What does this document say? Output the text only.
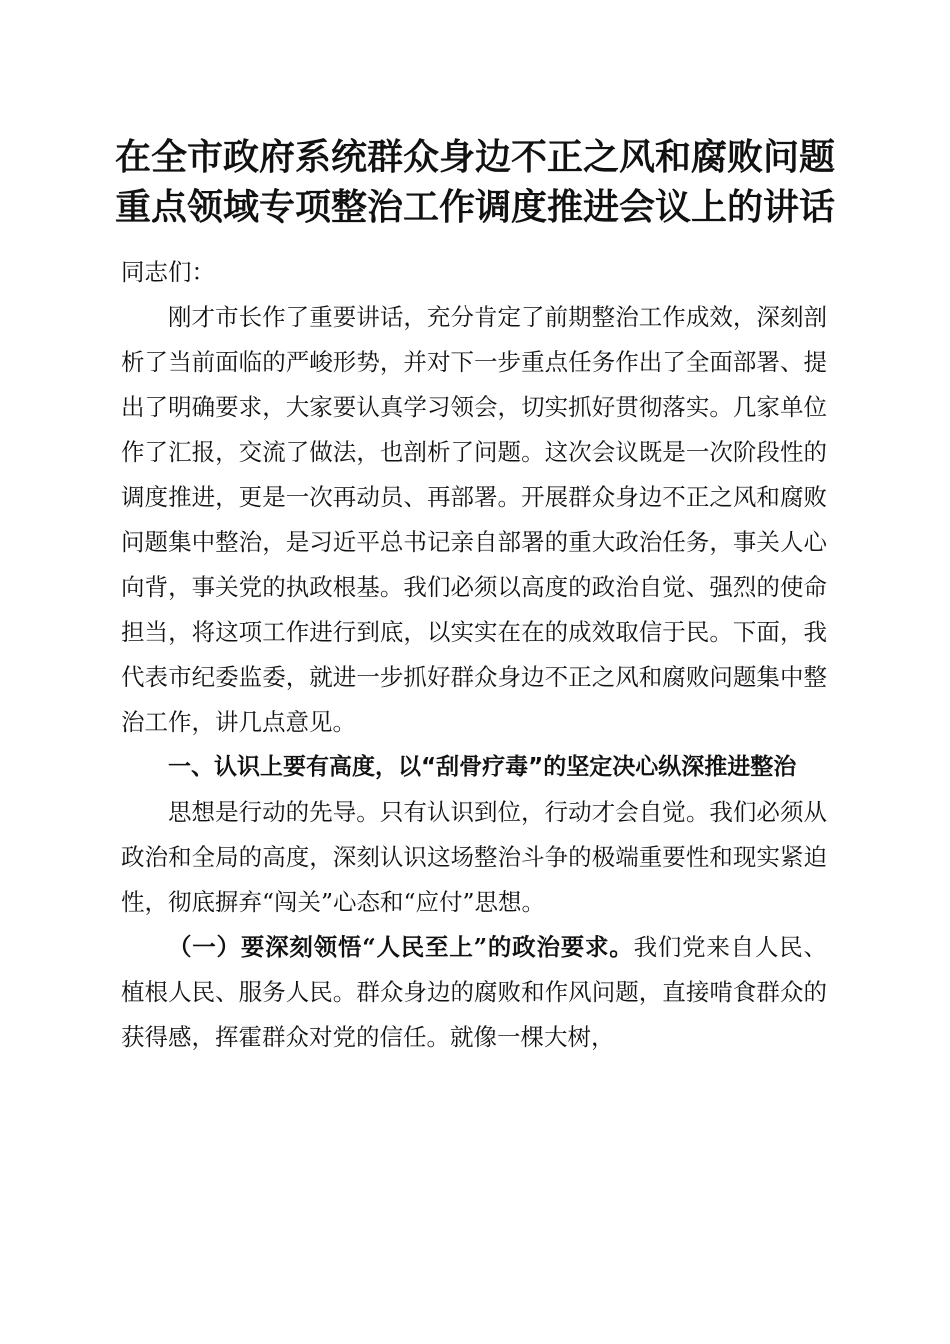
在全市政府系统群众身边不正之风和腐败问题
重点领域专项整治工作调度推进会议上的讲话

同志们：

刚才市长作了重要讲话，充分肯定了前期整治工作成效，深刻剖析了当前面临的严峻形势，并对下一步重点任务作出了全面部署、提出了明确要求，大家要认真学习领会，切实抓好贯彻落实。几家单位作了汇报，交流了做法，也剖析了问题。这次会议既是一次阶段性的调度推进，更是一次再动员、再部署。开展群众身边不正之风和腐败问题集中整治，是习近平总书记亲自部署的重大政治任务，事关人心向背，事关党的执政根基。我们必须以高度的政治自觉、强烈的使命担当，将这项工作进行到底，以实实在在的成效取信于民。下面，我代表市纪委监委，就进一步抓好群众身边不正之风和腐败问题集中整治工作，讲几点意见。

一、认识上要有高度，以“刮骨疗毒”的坚定决心纵深推进整治

思想是行动的先导。只有认识到位，行动才会自觉。我们必须从政治和全局的高度，深刻认识这场整治斗争的极端重要性和现实紧迫性，彻底摒弃“闯关”心态和“应付”思想。

（一）要深刻领悟“人民至上”的政治要求。我们党来自人民、植根人民、服务人民。群众身边的腐败和作风问题，直接啃食群众的获得感，挥霍群众对党的信任。就像一棵大树，
